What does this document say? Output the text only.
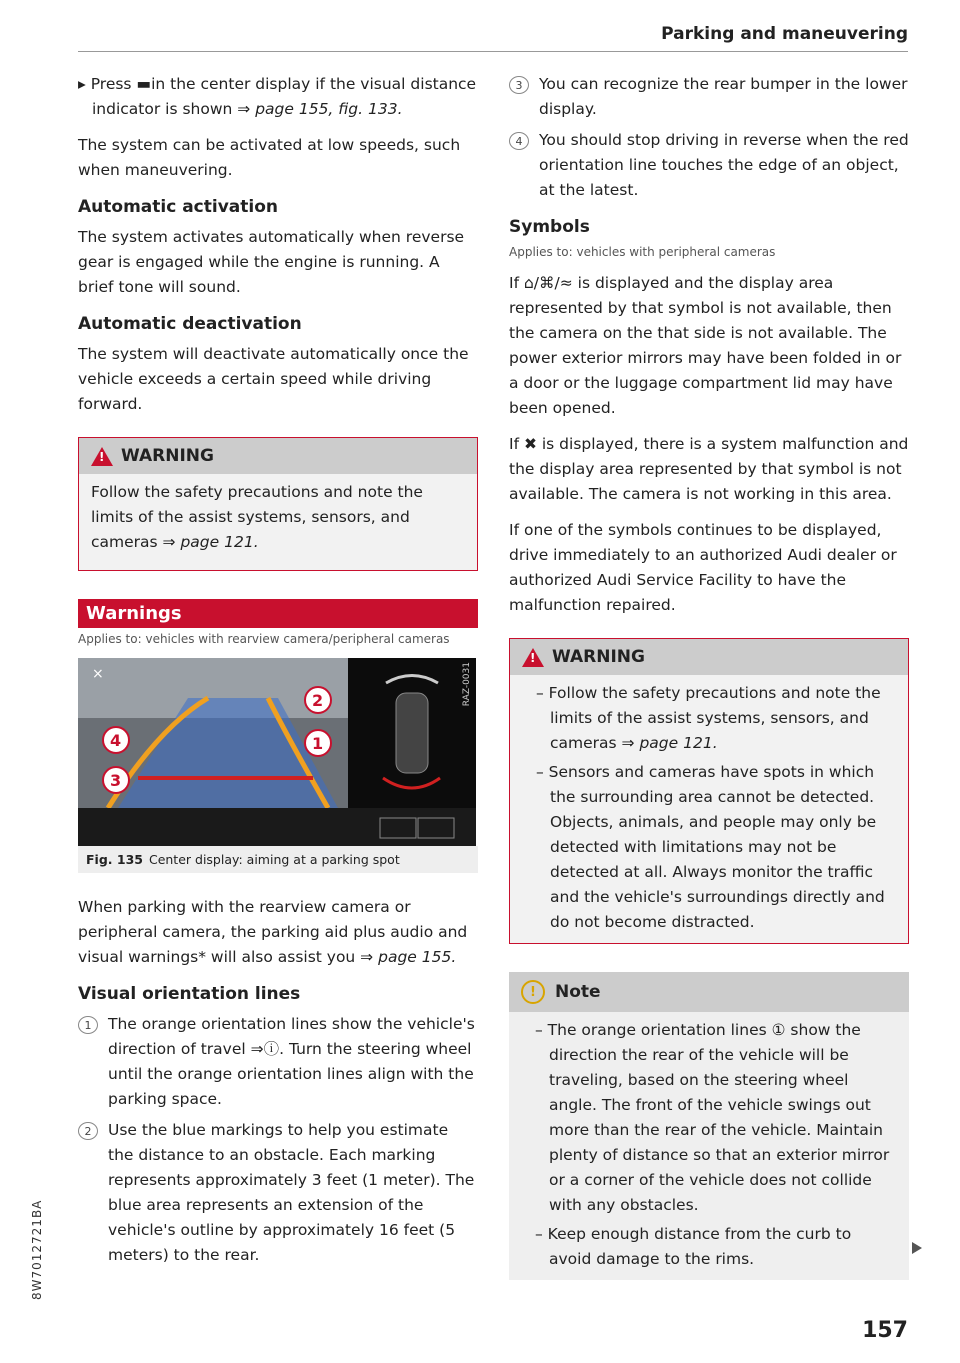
Parking and maneuvering

▸ Press ▬in the center display if the visual distance indicator is shown ⇒ page 155, fig. 133.

The system can be activated at low speeds, such when maneuvering.

Automatic activation

The system activates automatically when reverse gear is engaged while the engine is running. A brief tone will sound.

Automatic deactivation

The system will deactivate automatically once the vehicle exceeds a certain speed while driving forward.

!
WARNING

Follow the safety precautions and note the limits of the assist systems, sensors, and cameras ⇒ page 121.

Warnings
Applies to: vehicles with rearview camera/peripheral cameras
2
1
4
3
×	RAZ-0031
Fig. 135 Center display: aiming at a parking spot

When parking with the rearview camera or peripheral camera, the parking aid plus audio and visual warnings* will also assist you ⇒ page 155.

Visual orientation lines
1	The orange orientation lines show the vehicle's direction of travel ⇒ⓘ. Turn the steering wheel until the orange orientation lines align with the parking space.

2	Use the blue markings to help you estimate the distance to an obstacle. Each marking represents approximately 3 feet (1 meter). The blue area represents an extension of the vehicle's outline by approximately 16 feet (5 meters) to the rear.

3	You can recognize the rear bumper in the lower display.

4	You should stop driving in reverse when the red orientation line touches the edge of an object, at the latest.

Symbols
Applies to: vehicles with peripheral cameras

If ⌂/⌘/≈ is displayed and the display area represented by that symbol is not available, then the camera on the that side is not available. The power exterior mirrors may have been folded in or a door or the luggage compartment lid may have been opened.

If ✖ is displayed, there is a system malfunction and the display area represented by that symbol is not available. The camera is not working in this area.

If one of the symbols continues to be displayed, drive immediately to an authorized Audi dealer or authorized Audi Service Facility to have the malfunction repaired.

!
WARNING

– Follow the safety precautions and note the limits of the assist systems, sensors, and cameras ⇒ page 121.

– Sensors and cameras have spots in which the surrounding area cannot be detected. Objects, animals, and people may only be detected with limitations may not be detected at all. Always monitor the traffic and the vehicle's surroundings directly and do not become distracted.

!	Note

– The orange orientation lines ① show the direction the rear of the vehicle will be traveling, based on the steering wheel angle. The front of the vehicle swings out more than the rear of the vehicle. Maintain plenty of distance so that an exterior mirror or a corner of the vehicle does not collide with any obstacles.

– Keep enough distance from the curb to avoid damage to the rims.

157
8W7012721BA
